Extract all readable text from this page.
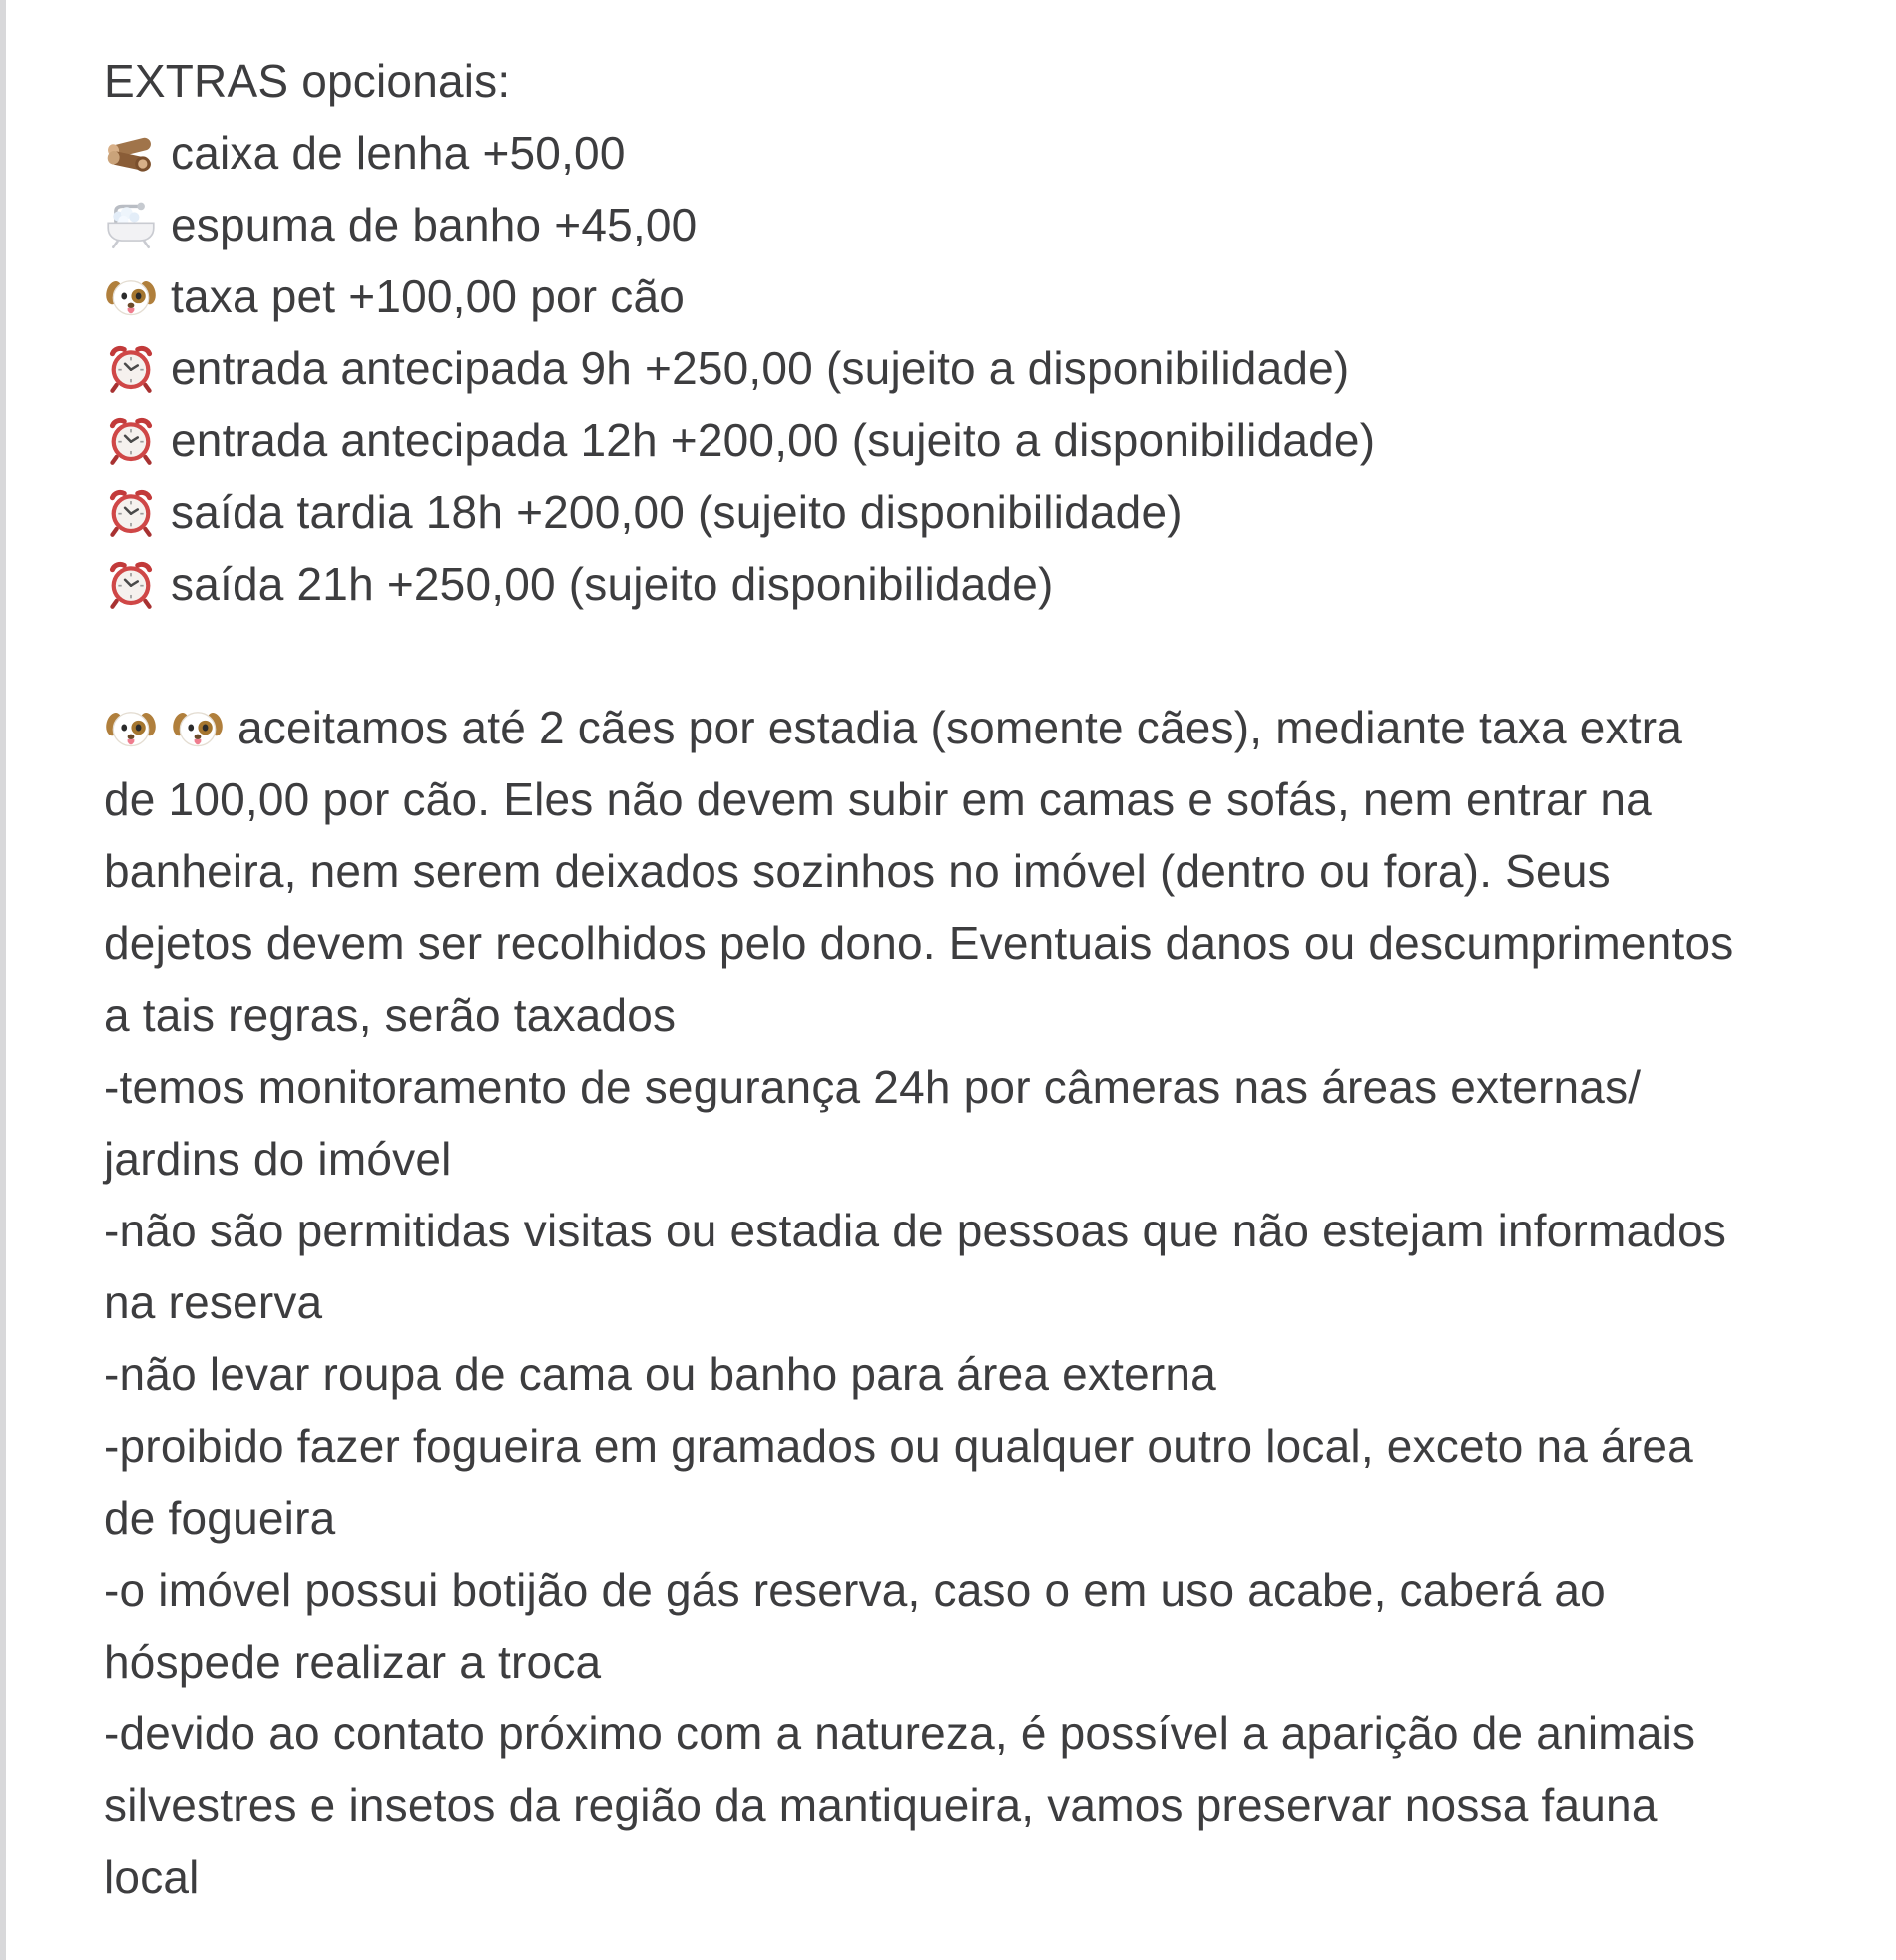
EXTRAS opcionais:
caixa de lenha +50,00
espuma de banho +45,00
taxa pet +100,00 por cão
entrada antecipada 9h +250,00 (sujeito a disponibilidade)
entrada antecipada 12h +200,00 (sujeito a disponibilidade)
saída tardia 18h +200,00 (sujeito disponibilidade)
saída 21h +250,00 (sujeito disponibilidade)
aceitamos até 2 cães por estadia (somente cães), mediante taxa extra
de 100,00 por cão. Eles não devem subir em camas e sofás, nem entrar na
banheira, nem serem deixados sozinhos no imóvel (dentro ou fora). Seus
dejetos devem ser recolhidos pelo dono. Eventuais danos ou descumprimentos
a tais regras, serão taxados
-temos monitoramento de segurança 24h por câmeras nas áreas externas/
jardins do imóvel
-não são permitidas visitas ou estadia de pessoas que não estejam informados
na reserva
-não levar roupa de cama ou banho para área externa
-proibido fazer fogueira em gramados ou qualquer outro local, exceto na área
de fogueira
-o imóvel possui botijão de gás reserva, caso o em uso acabe, caberá ao
hóspede realizar a troca
-devido ao contato próximo com a natureza, é possível a aparição de animais
silvestres e insetos da região da mantiqueira, vamos preservar nossa fauna
local
